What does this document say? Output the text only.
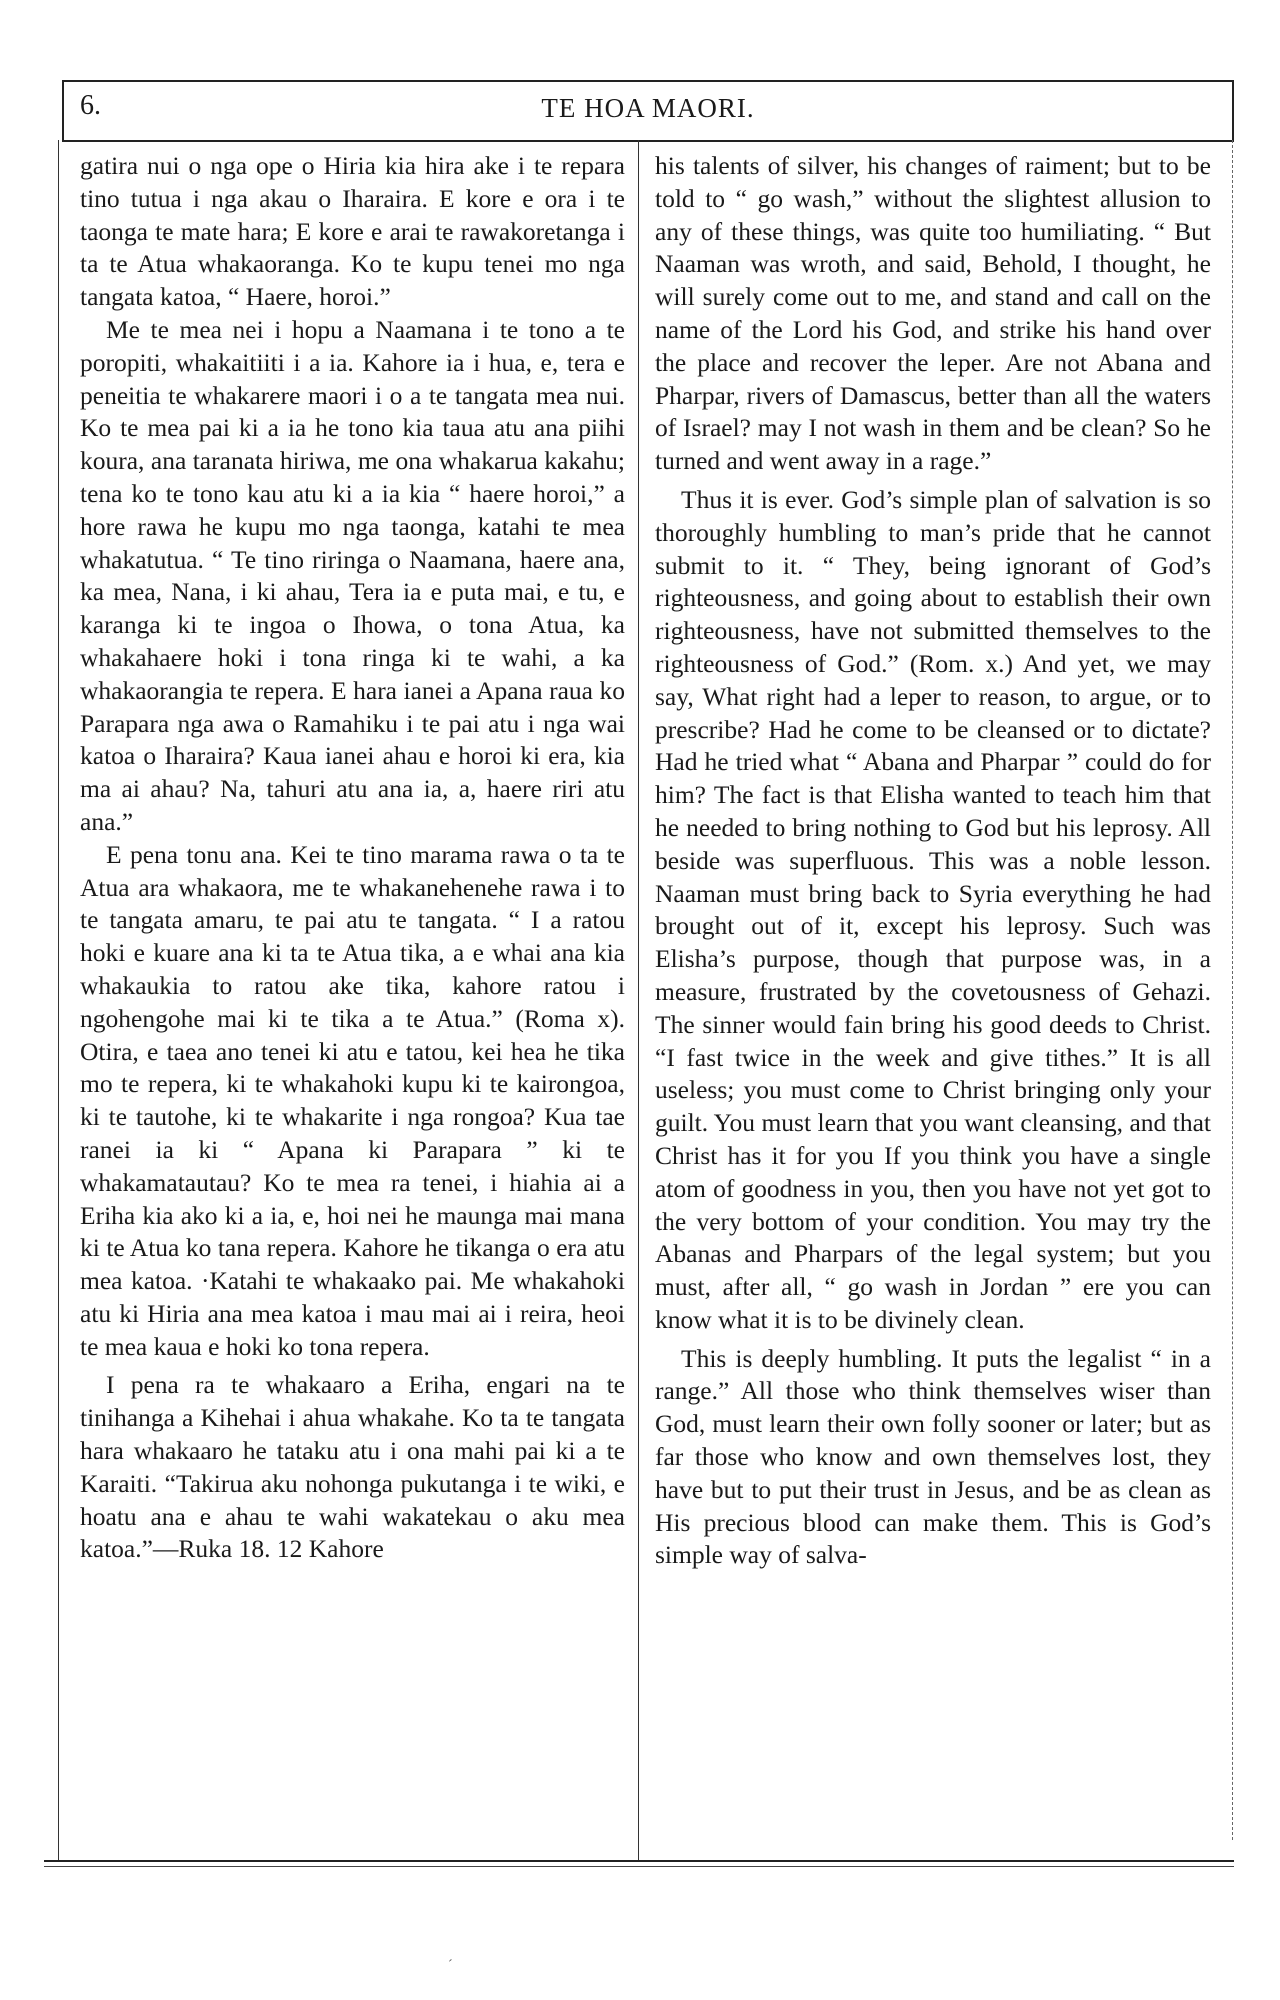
6.	TE HOA MAORI.

gatira nui o nga ope o Hiria kia hira ake i te repara tino tutua i nga akau o Iharaira. E kore e ora i te taonga te mate hara; E kore e arai te rawakoretanga i ta te Atua whakaoranga. Ko te kupu tenei mo nga tangata katoa, “ Haere, horoi.”

Me te mea nei i hopu a Naamana i te tono a te poropiti, whakaitiiti i a ia. Kahore ia i hua, e, tera e peneitia te whakarere maori i o a te tangata mea nui. Ko te mea pai ki a ia he tono kia taua atu ana piihi koura, ana taranata hiriwa, me ona whakarua kakahu; tena ko te tono kau atu ki a ia kia “ haere horoi,” a hore rawa he kupu mo nga taonga, katahi te mea whakatutua. “ Te tino riringa o Naamana, haere ana, ka mea, Nana, i ki ahau, Tera ia e puta mai, e tu, e karanga ki te ingoa o Ihowa, o tona Atua, ka whakahaere hoki i tona ringa ki te wahi, a ka whakaorangia te repera. E hara ianei a Apana raua ko Parapara nga awa o Ramahiku i te pai atu i nga wai katoa o Iharaira? Kaua ianei ahau e horoi ki era, kia ma ai ahau? Na, tahuri atu ana ia, a, haere riri atu ana.”

E pena tonu ana. Kei te tino marama rawa o ta te Atua ara whakaora, me te whakanehenehe rawa i to te tangata amaru, te pai atu te tangata. “ I a ratou hoki e kuare ana ki ta te Atua tika, a e whai ana kia whakaukia to ratou ake tika, kahore ratou i ngohengohe mai ki te tika a te Atua.” (Roma x). Otira, e taea ano tenei ki atu e tatou, kei hea he tika mo te repera, ki te whakahoki kupu ki te kairongoa, ki te tautohe, ki te whakarite i nga rongoa? Kua tae ranei ia ki “ Apana ki Parapara ” ki te whakamatautau? Ko te mea ra tenei, i hiahia ai a Eriha kia ako ki a ia, e, hoi nei he maunga mai mana ki te Atua ko tana repera. Kahore he tikanga o era atu mea katoa. ·Katahi te whakaako pai. Me whakahoki atu ki Hiria ana mea katoa i mau mai ai i reira, heoi te mea kaua e hoki ko tona repera.

I pena ra te whakaaro a Eriha, engari na te tinihanga a Kihehai i ahua whakahe. Ko ta te tangata hara whakaaro he tataku atu i ona mahi pai ki a te Karaiti. “Takirua aku nohonga pukutanga i te wiki, e hoatu ana e ahau te wahi wakatekau o aku mea katoa.”—Ruka 18. 12 Kahore

his talents of silver, his changes of raiment; but to be told to “ go wash,” without the slightest allusion to any of these things, was quite too humiliating. “ But Naaman was wroth, and said, Behold, I thought, he will surely come out to me, and stand and call on the name of the Lord his God, and strike his hand over the place and recover the leper. Are not Abana and Pharpar, rivers of Damascus, better than all the waters of Israel? may I not wash in them and be clean? So he turned and went away in a rage.”

Thus it is ever. God’s simple plan of salvation is so thoroughly humbling to man’s pride that he cannot submit to it. “ They, being ignorant of God’s righteousness, and going about to establish their own righteousness, have not submitted themselves to the righteousness of God.” (Rom. x.) And yet, we may say, What right had a leper to reason, to argue, or to prescribe? Had he come to be cleansed or to dictate? Had he tried what “ Abana and Pharpar ” could do for him? The fact is that Elisha wanted to teach him that he needed to bring nothing to God but his leprosy. All beside was superfluous. This was a noble lesson. Naaman must bring back to Syria everything he had brought out of it, except his leprosy. Such was Elisha’s purpose, though that purpose was, in a measure, frustrated by the covetousness of Gehazi. The sinner would fain bring his good deeds to Christ. “I fast twice in the week and give tithes.” It is all useless; you must come to Christ bringing only your guilt. You must learn that you want cleansing, and that Christ has it for you If you think you have a single atom of goodness in you, then you have not yet got to the very bottom of your condition. You may try the Abanas and Pharpars of the legal system; but you must, after all, “ go wash in Jordan ” ere you can know what it is to be divinely clean.

This is deeply humbling. It puts the legalist “ in a range.” All those who think themselves wiser than God, must learn their own folly sooner or later; but as far those who know and own themselves lost, they have but to put their trust in Jesus, and be as clean as His precious blood can make them. This is God’s simple way of salva-

´
